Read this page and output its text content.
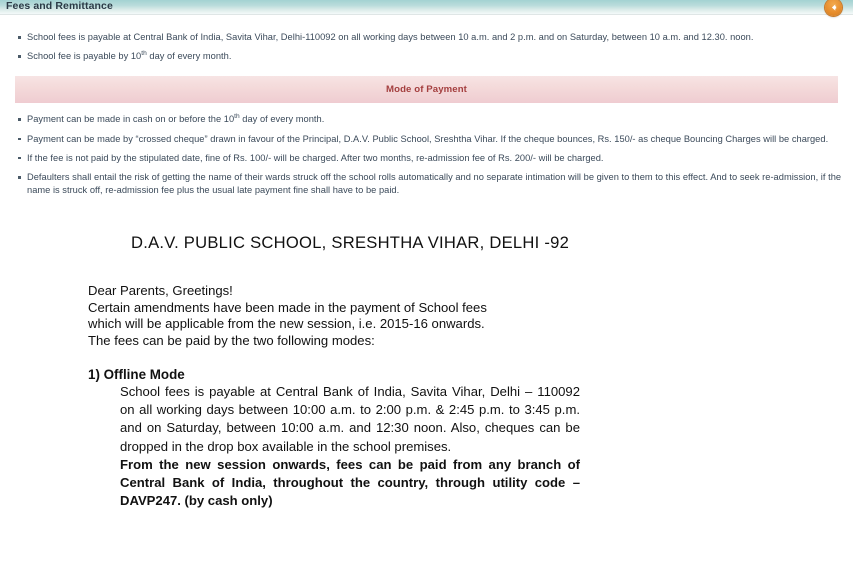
Fees and Remittance
School fees is payable at Central Bank of India, Savita Vihar, Delhi-110092 on all working days between 10 a.m. and 2 p.m. and on Saturday, between 10 a.m. and 12.30. noon.
School fee is payable by 10th day of every month.
Mode of Payment
Payment can be made in cash on or before the 10th day of every month.
Payment can be made by “crossed cheque” drawn in favour of the Principal, D.A.V. Public School, Sreshtha Vihar. If the cheque bounces, Rs. 150/- as cheque Bouncing Charges will be charged.
If the fee is not paid by the stipulated date, fine of Rs. 100/- will be charged. After two months, re-admission fee of Rs. 200/- will be charged.
Defaulters shall entail the risk of getting the name of their wards struck off the school rolls automatically and no separate intimation will be given to them to this effect. And to seek re-admission, if the name is struck off, re-admission fee plus the usual late payment fine shall have to be paid.
D.A.V. PUBLIC SCHOOL, SRESHTHA VIHAR, DELHI -92
Dear Parents, Greetings!
Certain amendments have been made in the payment of School fees
which will be applicable from the new session, i.e. 2015-16 onwards.
The fees can be paid by the two following modes:
1) Offline Mode
School fees is payable at Central Bank of India, Savita Vihar, Delhi – 110092 on all working days between 10:00 a.m. to 2:00 p.m. & 2:45 p.m. to 3:45 p.m. and on Saturday, between 10:00 a.m. and 12:30 noon. Also, cheques can be dropped in the drop box available in the school premises.
From the new session onwards, fees can be paid from any branch of Central Bank of India, throughout the country, through utility code – DAVP247. (by cash only)
